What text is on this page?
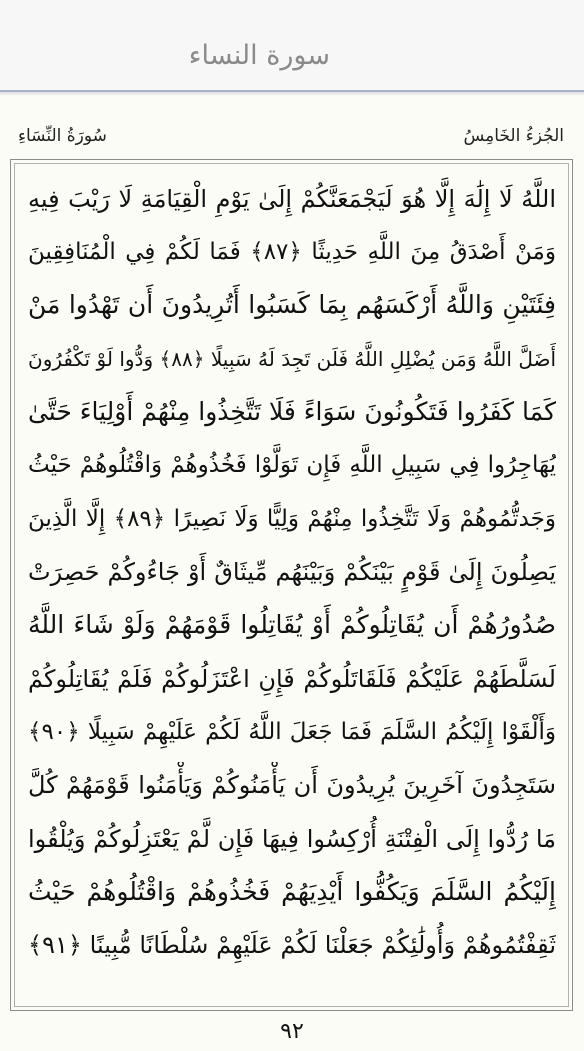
سورة النساء
الجُزءُ الخَامِسُ
سُورَةُ النِّسَاءِ
اللَّهُ لَا إِلَٰهَ إِلَّا هُوَ لَيَجْمَعَنَّكُمْ إِلَىٰ يَوْمِ الْقِيَامَةِ لَا رَيْبَ فِيهِ
وَمَنْ أَصْدَقُ مِنَ اللَّهِ حَدِيثًا ﴿٨٧﴾ فَمَا لَكُمْ فِي الْمُنَافِقِينَ
فِئَتَيْنِ وَاللَّهُ أَرْكَسَهُم بِمَا كَسَبُوا أَتُرِيدُونَ أَن تَهْدُوا مَنْ
أَضَلَّ اللَّهُ وَمَن يُضْلِلِ اللَّهُ فَلَن تَجِدَ لَهُ سَبِيلًا ﴿٨٨﴾ وَدُّوا لَوْ تَكْفُرُونَ
كَمَا كَفَرُوا فَتَكُونُونَ سَوَاءً فَلَا تَتَّخِذُوا مِنْهُمْ أَوْلِيَاءَ حَتَّىٰ
يُهَاجِرُوا فِي سَبِيلِ اللَّهِ فَإِن تَوَلَّوْا فَخُذُوهُمْ وَاقْتُلُوهُمْ حَيْثُ
وَجَدتُّمُوهُمْ وَلَا تَتَّخِذُوا مِنْهُمْ وَلِيًّا وَلَا نَصِيرًا ﴿٨٩﴾ إِلَّا الَّذِينَ
يَصِلُونَ إِلَىٰ قَوْمٍ بَيْنَكُمْ وَبَيْنَهُم مِّيثَاقٌ أَوْ جَاءُوكُمْ حَصِرَتْ
صُدُورُهُمْ أَن يُقَاتِلُوكُمْ أَوْ يُقَاتِلُوا قَوْمَهُمْ وَلَوْ شَاءَ اللَّهُ
لَسَلَّطَهُمْ عَلَيْكُمْ فَلَقَاتَلُوكُمْ فَإِنِ اعْتَزَلُوكُمْ فَلَمْ يُقَاتِلُوكُمْ
وَأَلْقَوْا إِلَيْكُمُ السَّلَمَ فَمَا جَعَلَ اللَّهُ لَكُمْ عَلَيْهِمْ سَبِيلًا ﴿٩٠﴾
سَتَجِدُونَ آخَرِينَ يُرِيدُونَ أَن يَأْمَنُوكُمْ وَيَأْمَنُوا قَوْمَهُمْ كُلَّ
مَا رُدُّوا إِلَى الْفِتْنَةِ أُرْكِسُوا فِيهَا فَإِن لَّمْ يَعْتَزِلُوكُمْ وَيُلْقُوا
إِلَيْكُمُ السَّلَمَ وَيَكُفُّوا أَيْدِيَهُمْ فَخُذُوهُمْ وَاقْتُلُوهُمْ حَيْثُ
ثَقِفْتُمُوهُمْ وَأُولَٰئِكُمْ جَعَلْنَا لَكُمْ عَلَيْهِمْ سُلْطَانًا مُّبِينًا ﴿٩١﴾
٩٢
